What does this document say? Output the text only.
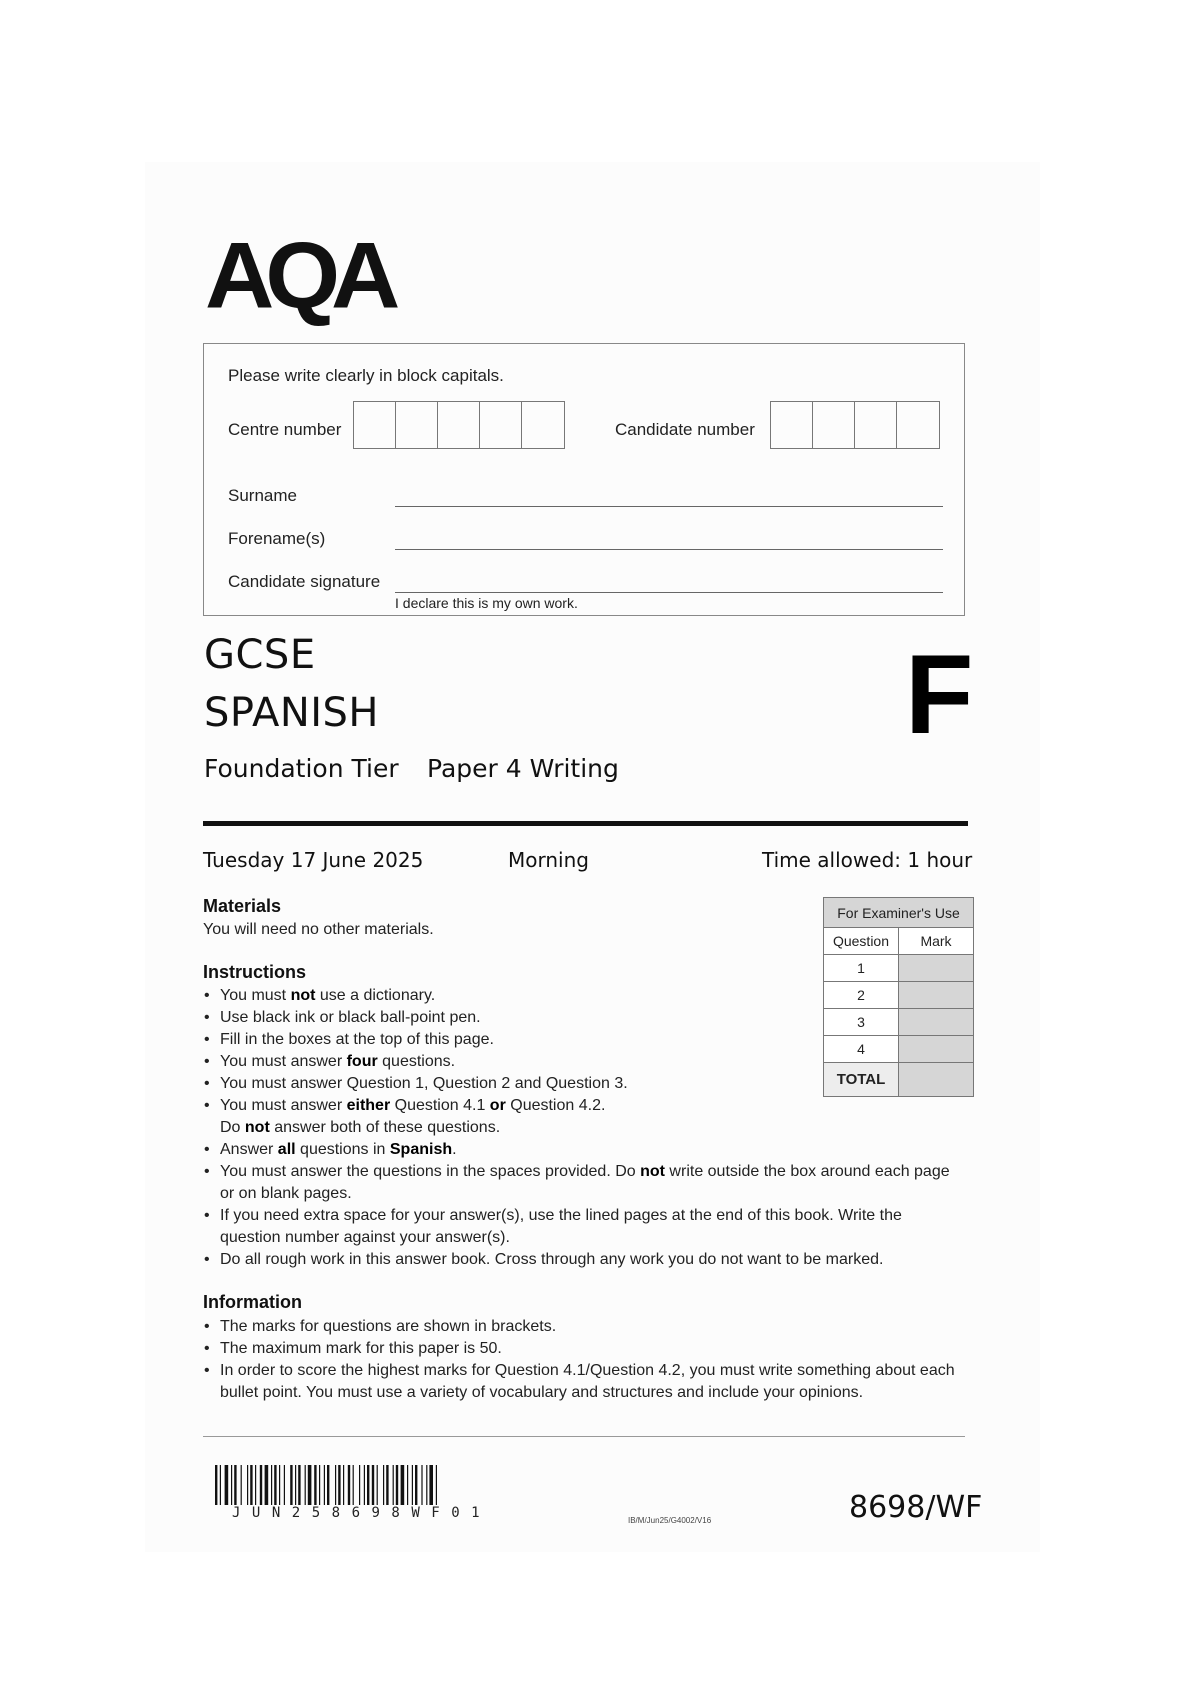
AQA
Please write clearly in block capitals.
Centre number	Candidate number
Surname
Forename(s)
Candidate signature
I declare this is my own work.
GCSE
SPANISH
Foundation Tier Paper 4 Writing
F
Tuesday 17 June 2025	Morning	Time allowed: 1 hour
Materials
You will need no other materials.
Instructions
• You must not use a dictionary.
• Use black ink or black ball-point pen.
• Fill in the boxes at the top of this page.
• You must answer four questions.
• You must answer Question 1, Question 2 and Question 3.
• You must answer either Question 4.1 or Question 4.2.
Do not answer both of these questions.
• Answer all questions in Spanish.
• You must answer the questions in the spaces provided. Do not write outside the box around each page or on blank pages.
• If you need extra space for your answer(s), use the lined pages at the end of this book. Write the question number against your answer(s).
• Do all rough work in this answer book. Cross through any work you do not want to be marked.
Information
• The marks for questions are shown in brackets.
• The maximum mark for this paper is 50.
• In order to score the highest marks for Question 4.1/Question 4.2, you must write something about each bullet point. You must use a variety of vocabulary and structures and include your opinions.
For Examiner's Use	
Question	Mark
1	
2	
3	
4	
TOTAL	
JUN258698WF01	IB/M/Jun25/G4002/V16	8698/WF
